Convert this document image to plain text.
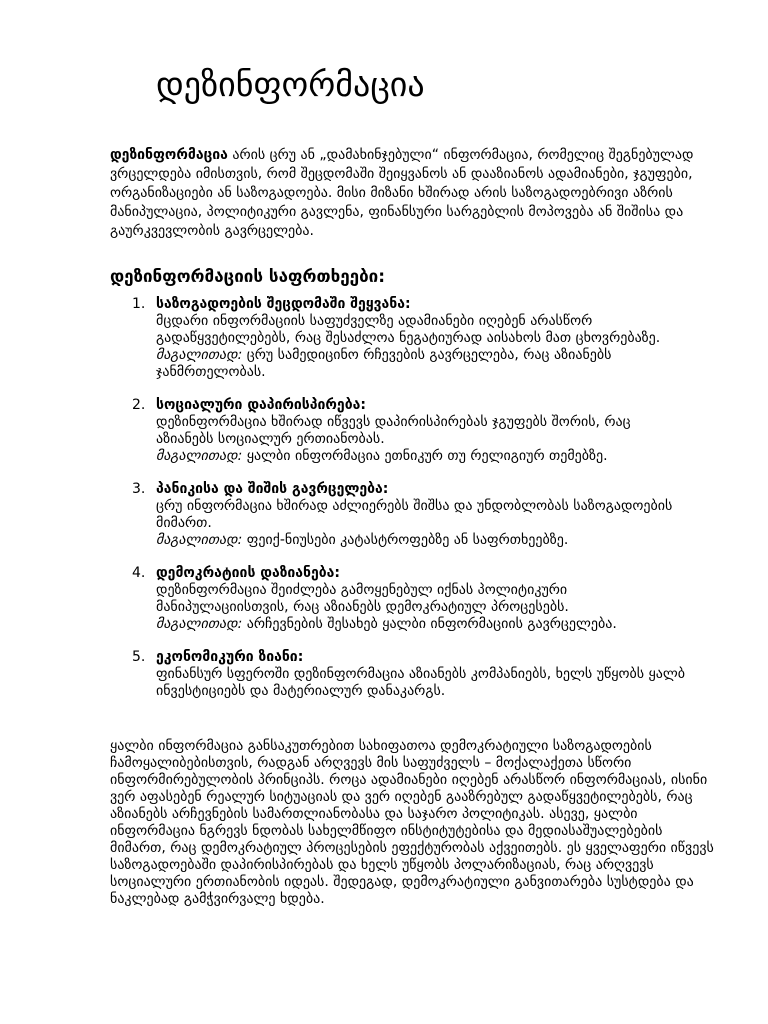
დეზინფორმაცია

დეზინფორმაცია არის ცრუ ან „დამახინჯებული“ ინფორმაცია, რომელიც შეგნებულად ვრცელდება იმისთვის, რომ შეცდომაში შეიყვანოს ან დააზიანოს ადამიანები, ჯგუფები, ორგანიზაციები ან საზოგადოება. მისი მიზანი ხშირად არის საზოგადოებრივი აზრის მანიპულაცია, პოლიტიკური გავლენა, ფინანსური სარგებლის მოპოვება ან შიშისა და გაურკვევლობის გავრცელება.

დეზინფორმაციის საფრთხეები:
1. საზოგადოების შეცდომაში შეყვანა:
მცდარი ინფორმაციის საფუძველზე ადამიანები იღებენ არასწორ გადაწყვეტილებებს, რაც შესაძლოა ნეგატიურად აისახოს მათ ცხოვრებაზე.
მაგალითად: ცრუ სამედიცინო რჩევების გავრცელება, რაც აზიანებს ჯანმრთელობას.
2. სოციალური დაპირისპირება:
დეზინფორმაცია ხშირად იწვევს დაპირისპირებას ჯგუფებს შორის, რაც აზიანებს სოციალურ ერთიანობას.
მაგალითად: ყალბი ინფორმაცია ეთნიკურ თუ რელიგიურ თემებზე.
3. პანიკისა და შიშის გავრცელება:
ცრუ ინფორმაცია ხშირად აძლიერებს შიშსა და უნდობლობას საზოგადოების მიმართ.
მაგალითად: ფეიქ-ნიუსები კატასტროფებზე ან საფრთხეებზე.
4. დემოკრატიის დაზიანება:
დეზინფორმაცია შეიძლება გამოყენებულ იქნას პოლიტიკური მანიპულაციისთვის, რაც აზიანებს დემოკრატიულ პროცესებს.
მაგალითად: არჩევნების შესახებ ყალბი ინფორმაციის გავრცელება.
5. ეკონომიკური ზიანი:
ფინანსურ სფეროში დეზინფორმაცია აზიანებს კომპანიებს, ხელს უწყობს ყალბ ინვესტიციებს და მატერიალურ დანაკარგს.

ყალბი ინფორმაცია განსაკუთრებით სახიფათოა დემოკრატიული საზოგადოების ჩამოყალიბებისთვის, რადგან არღვევს მის საფუძველს – მოქალაქეთა სწორი ინფორმირებულობის პრინციპს. როცა ადამიანები იღებენ არასწორ ინფორმაციას, ისინი ვერ აფასებენ რეალურ სიტუაციას და ვერ იღებენ გააზრებულ გადაწყვეტილებებს, რაც აზიანებს არჩევნების სამართლიანობასა და საჯარო პოლიტიკას. ასევე, ყალბი ინფორმაცია ნგრევს ნდობას სახელმწიფო ინსტიტუტებისა და მედიასაშუალებების მიმართ, რაც დემოკრატიულ პროცესების ეფექტურობას აქვეითებს. ეს ყველაფერი იწვევს საზოგადოებაში დაპირისპირებას და ხელს უწყობს პოლარიზაციას, რაც არღვევს სოციალური ერთიანობის იდეას. შედეგად, დემოკრატიული განვითარება სუსტდება და ნაკლებად გამჭვირვალე ხდება.
